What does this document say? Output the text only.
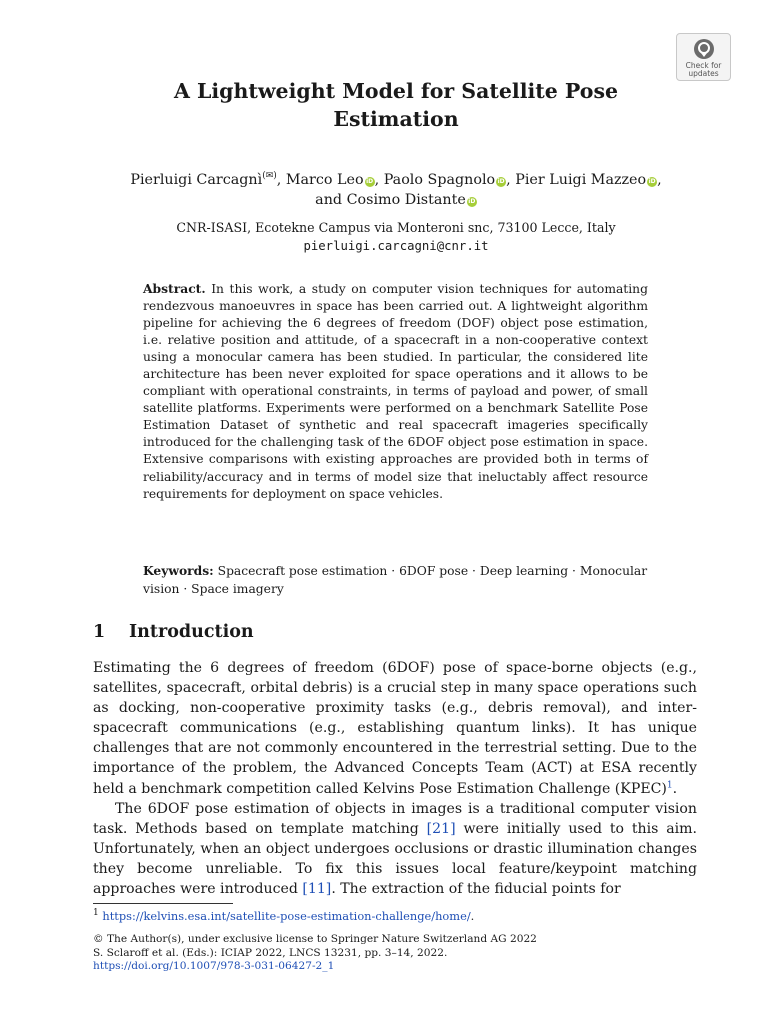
Check for
updates
A Lightweight Model for Satellite Pose
Estimation

Pierluigi Carcagnì(✉), Marco Leo iD, Paolo Spagnolo iD, Pier Luigi Mazzeo iD,
and Cosimo Distante iD

CNR-ISASI, Ecotekne Campus via Monteroni snc, 73100 Lecce, Italy

pierluigi.carcagni@cnr.it

Abstract. In this work, a study on computer vision techniques for automating rendezvous manoeuvres in space has been carried out. A lightweight algorithm pipeline for achieving the 6 degrees of freedom (DOF) object pose estimation, i.e. relative position and attitude, of a spacecraft in a non-cooperative context using a monocular camera has been studied. In particular, the considered lite architecture has been never exploited for space operations and it allows to be compliant with operational constraints, in terms of payload and power, of small satellite platforms. Experiments were performed on a benchmark Satellite Pose Estimation Dataset of synthetic and real spacecraft imageries specifically introduced for the challenging task of the 6DOF object pose estimation in space. Extensive comparisons with existing approaches are provided both in terms of reliability/accuracy and in terms of model size that ineluctably affect resource requirements for deployment on space vehicles.

Keywords: Spacecraft pose estimation · 6DOF pose · Deep learning · Monocular vision · Space imagery

1 Introduction

Estimating the 6 degrees of freedom (6DOF) pose of space-borne objects (e.g., satellites, spacecraft, orbital debris) is a crucial step in many space operations such as docking, non-cooperative proximity tasks (e.g., debris removal), and inter-spacecraft communications (e.g., establishing quantum links). It has unique challenges that are not commonly encountered in the terrestrial setting. Due to the importance of the problem, the Advanced Concepts Team (ACT) at ESA recently held a benchmark competition called Kelvins Pose Estimation Challenge (KPEC)$^1$.

The 6DOF pose estimation of objects in images is a traditional computer vision task. Methods based on template matching [21] were initially used to this aim. Unfortunately, when an object undergoes occlusions or drastic illumination changes they become unreliable. To fix this issues local feature/keypoint matching approaches were introduced [11]. The extraction of the fiducial points for

$^1$ https://kelvins.esa.int/satellite-pose-estimation-challenge/home/.

© The Author(s), under exclusive license to Springer Nature Switzerland AG 2022
S. Sclaroff et al. (Eds.): ICIAP 2022, LNCS 13231, pp. 3–14, 2022.
https://doi.org/10.1007/978-3-031-06427-2_1
